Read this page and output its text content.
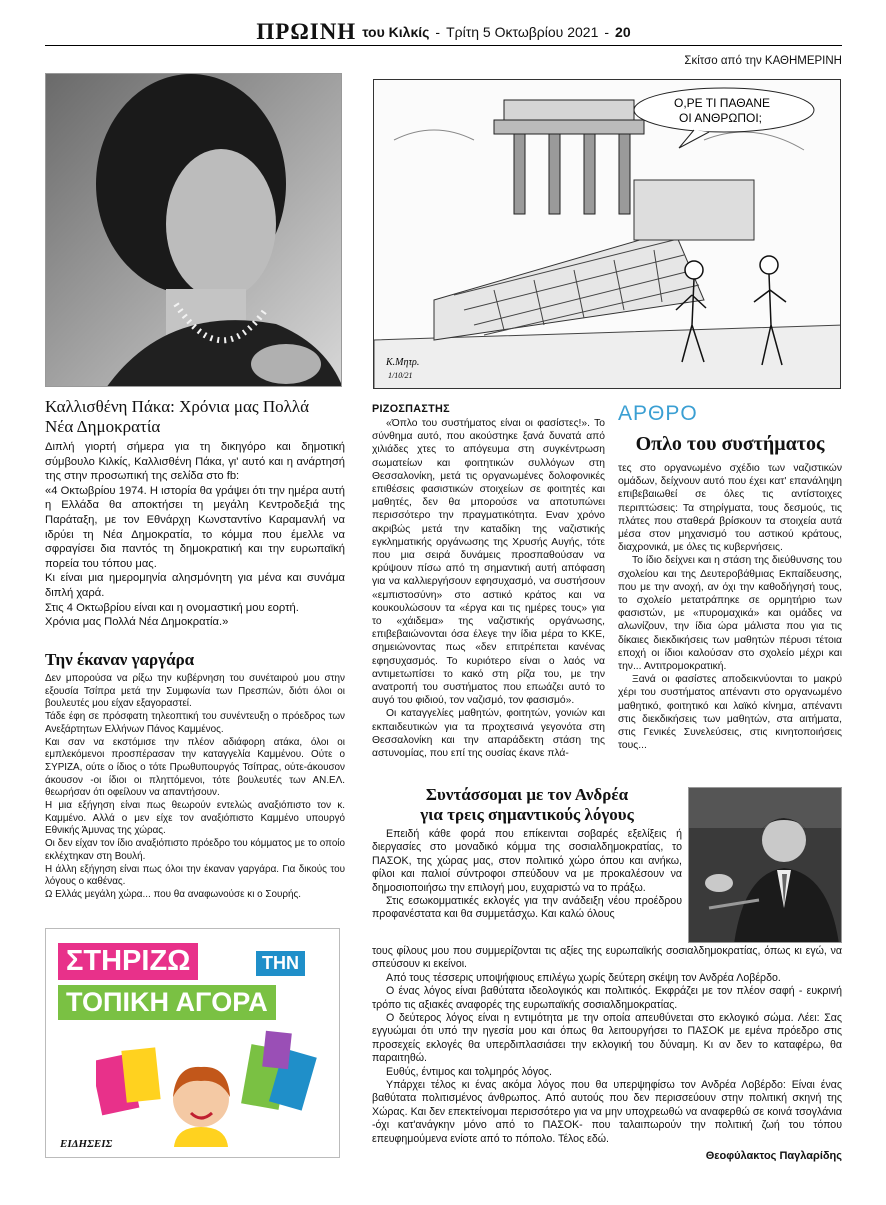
ΠΡΩΙΝΗ του Κιλκίς - Τρίτη 5 Οκτωβρίου 2021 - 20
Καλλισθένη Πάκα: Χρόνια μας Πολλά
Νέα Δημοκρατία

Διπλή γιορτή σήμερα για τη δικηγόρο και δημοτική σύμβουλο Κιλκίς, Καλλισθένη Πάκα, γι' αυτό και η ανάρτησή της στην προσωπική της σελίδα στο fb:

«4 Οκτωβρίου 1974. Η ιστορία θα γράψει ότι την ημέρα αυτή η Ελλάδα θα αποκτήσει τη μεγάλη Κεντροδεξιά της Παράταξη, με τον Εθνάρχη Κωνσταντίνο Καραμανλή να ιδρύει τη Νέα Δημοκρατία, το κόμμα που έμελλε να σφραγίσει δια παντός τη δημοκρατική και την ευρωπαϊκή πορεία του τόπου μας.

Κι είναι μια ημερομηνία αλησμόνητη για μένα και συνάμα διπλή χαρά.

Στις 4 Οκτωβρίου είναι και η ονομαστική μου εορτή.

Χρόνια μας Πολλά Νέα Δημοκρατία.»

Την έκαναν γαργάρα

Δεν μπορούσα να ρίξω την κυβέρνηση του συνέταιρού μου στην εξουσία Τσίπρα μετά την Συμφωνία των Πρεσπών, διότι όλοι οι βουλευτές μου είχαν εξαγοραστεί.

Τάδε έφη σε πρόσφατη τηλεοπτική του συνέντευξη ο πρόεδρος των Ανεξάρτητων Ελλήνων Πάνος Καμμένος.

Και σαν να εκστόμισε την πλέον αδιάφορη ατάκα, όλοι οι εμπλεκόμενοι προσπέρασαν την καταγγελία Καμμένου. Ούτε ο ΣΥΡΙΖΑ, ούτε ο ίδιος ο τότε Πρωθυπουργός Τσίπρας, ούτε-άκουσον άκουσον -οι ίδιοι οι πληττόμενοι, τότε βουλευτές των ΑΝ.ΕΛ. θεωρήσαν ότι οφείλουν να απαντήσουν.

Η μια εξήγηση είναι πως θεωρούν εντελώς αναξιόπιστο τον κ. Καμμένο. Αλλά ο μεν είχε τον αναξιόπιστο Καμμένο υπουργό Εθνικής Άμυνας της χώρας.

Οι δεν είχαν τον ίδιο αναξιόπιστο πρόεδρο του κόμματος με το οποίο εκλέχτηκαν στη Βουλή.

Η άλλη εξήγηση είναι πως όλοι την έκαναν γαργάρα. Για δικούς του λόγους ο καθένας.

Ω Ελλάς μεγάλη χώρα... που θα αναφωνούσε κι ο Σουρής.

ΣΤΗΡΙΖΩ	ΤΗΝ
ΤΟΠΙΚΗ ΑΓΟΡΑ
ΕΙΔΗΣΕΙΣ
Σκίτσο από την ΚΑΘΗΜΕΡΙΝΗ
Ο,ΡΕ ΤΙ ΠΑΘΑΝΕ
ΟΙ ΑΝΘΡΩΠΟΙ;
Κ.Μητρ.
1/10/21
ΡΙΖΟΣΠΑΣΤΗΣ

«Όπλο του συστήματος είναι οι φασίστες!». Το σύνθημα αυτό, που ακούστηκε ξανά δυνατά από χιλιάδες χτες το απόγευμα στη συγκέντρωση σωματείων και φοιτητικών συλλόγων στη Θεσσαλονίκη, μετά τις οργανωμένες δολοφονικές επιθέσεις φασιστικών στοιχείων σε φοιτητές και μαθητές, δεν θα μπορούσε να αποτυπώνει περισσότερο την πραγματικότητα. Εναν χρόνο ακριβώς μετά την καταδίκη της ναζιστικής εγκληματικής οργάνωσης της Χρυσής Αυγής, τότε που μια σειρά δυνάμεις προσπαθούσαν να κρύψουν πίσω από τη σημαντική αυτή απόφαση για να καλλιεργήσουν εφησυχασμό, να συστήσουν «εμπιστοσύνη» στο αστικό κράτος και να κουκουλώσουν τα «έργα και τις ημέρες τους» για το «χάιδεμα» της ναζιστικής οργάνωσης, επιβεβαιώνονται όσα έλεγε την ίδια μέρα το ΚΚΕ, σημειώνοντας πως «δεν επιτρέπεται κανένας εφησυχασμός. Το κυριότερο είναι ο λαός να αντιμετωπίσει το κακό στη ρίζα του, με την ανατροπή του συστήματος που επωάζει αυτό το αυγό του φιδιού, τον ναζισμό, τον φασισμό».

Οι καταγγελίες μαθητών, φοιτητών, γονιών και εκπαιδευτικών για τα προχτεσινά γεγονότα στη Θεσσαλονίκη και την απαράδεκτη στάση της αστυνομίας, που επί της ουσίας έκανε πλά-

ΑΡΘΡΟ
Οπλο του συστήματος

τες στο οργανωμένο σχέδιο των ναζιστικών ομάδων, δείχνουν αυτό που έχει κατ' επανάληψη επιβεβαιωθεί σε όλες τις αντίστοιχες περιπτώσεις: Τα στηρίγματα, τους δεσμούς, τις πλάτες που σταθερά βρίσκουν τα στοιχεία αυτά μέσα στον μηχανισμό του αστικού κράτους, διαχρονικά, με όλες τις κυβερνήσεις.

Το ίδιο δείχνει και η στάση της διεύθυνσης του σχολείου και της Δευτεροβάθμιας Εκπαίδευσης, που με την ανοχή, αν όχι την καθοδήγησή τους, το σχολείο μετατράπηκε σε ορμητήριο των φασιστών, με «πυρομαχικά» και ομάδες να αλωνίζουν, την ίδια ώρα μάλιστα που για τις δίκαιες διεκδικήσεις των μαθητών πέρυσι τέτοια εποχή οι ίδιοι καλούσαν στο σχολείο μέχρι και την... Αντιτρομοκρατική.

Ξανά οι φασίστες αποδεικνύονται το μακρύ χέρι του συστήματος απέναντι στο οργανωμένο μαθητικό, φοιτητικό και λαϊκό κίνημα, απέναντι στις διεκδικήσεις των μαθητών, στα αιτήματα, στις Γενικές Συνελεύσεις, στις κινητοποιήσεις τους...

Συντάσσομαι με τον Ανδρέα
για τρεις σημαντικούς λόγους

Επειδή κάθε φορά που επίκεινται σοβαρές εξελίξεις ή διεργασίες στο μοναδικό κόμμα της σοσιαλδημοκρατίας, το ΠΑΣΟΚ, της χώρας μας, στον πολιτικό χώρο όπου και ανήκω, φίλοι και παλιοί σύντροφοι σπεύδουν να με προκαλέσουν να δημοσιοποιήσω την επιλογή μου, ευχαριστώ να το πράξω.

Στις εσωκομματικές εκλογές για την ανάδειξη νέου προέδρου προφανέστατα και θα συμμετάσχω. Και καλώ όλους

τους φίλους μου που συμμερίζονται τις αξίες της ευρωπαϊκής σοσιαλδημοκρατίας, όπως κι εγώ, να σπεύσουν κι εκείνοι.

Από τους τέσσερις υποψήφιους επιλέγω χωρίς δεύτερη σκέψη τον Ανδρέα Λοβέρδο.

Ο ένας λόγος είναι βαθύτατα ιδεολογικός και πολιτικός. Εκφράζει με τον πλέον σαφή - ευκρινή τρόπο τις αξιακές αναφορές της ευρωπαϊκής σοσιαλδημοκρατίας.

Ο δεύτερος λόγος είναι η εντιμότητα με την οποία απευθύνεται στο εκλογικό σώμα. Λέει: Σας εγγυώμαι ότι υπό την ηγεσία μου και όπως θα λειτουργήσει το ΠΑΣΟΚ με εμένα πρόεδρο στις προσεχείς εκλογές θα υπερδιπλασιάσει την εκλογική του δύναμη. Κι αν δεν το καταφέρω, θα παραιτηθώ.

Ευθύς, έντιμος και τολμηρός λόγος.

Υπάρχει τέλος κι ένας ακόμα λόγος που θα υπερψηφίσω τον Ανδρέα Λοβέρδο: Είναι ένας βαθύτατα πολιτισμένος άνθρωπος. Από αυτούς που δεν περισσεύουν στην πολιτική σκηνή της Χώρας. Και δεν επεκτείνομαι περισσότερο για να μην υποχρεωθώ να αναφερθώ σε κοινά τσογλάνια -όχι κατ'ανάγκην μόνο από το ΠΑΣΟΚ- που ταλαιπωρούν την πολιτική ζωή του τόπου επευφημούμενα ενίοτε από το πόπολο. Τέλος εδώ.

Θεοφύλακτος Παγλαρίδης
